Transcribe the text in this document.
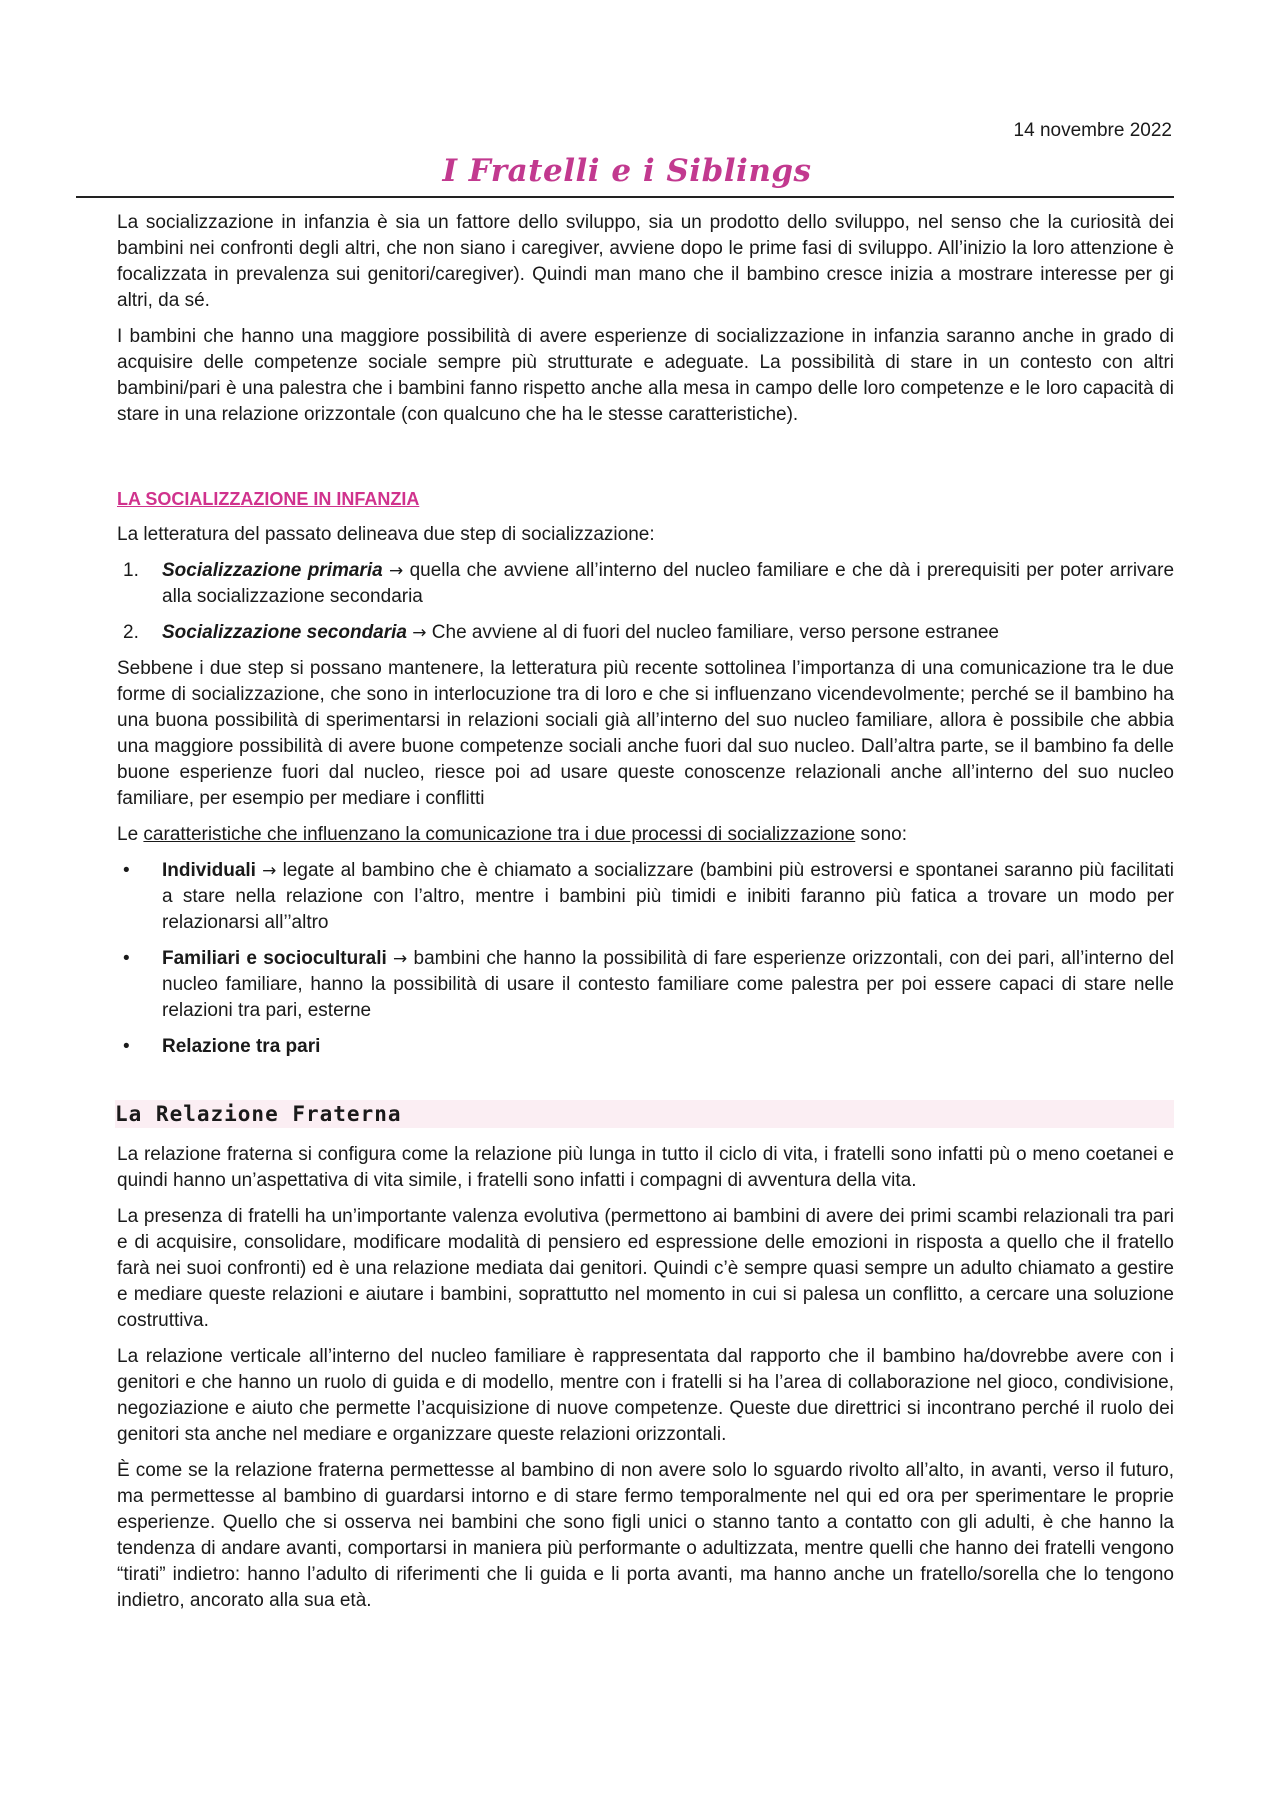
14 novembre 2022
I Fratelli e i Siblings

La socializzazione in infanzia è sia un fattore dello sviluppo, sia un prodotto dello sviluppo, nel senso che la curiosità dei bambini nei confronti degli altri, che non siano i caregiver, avviene dopo le prime fasi di sviluppo. All’inizio la loro attenzione è focalizzata in prevalenza sui genitori/caregiver). Quindi man mano che il bambino cresce inizia a mostrare interesse per gi altri, da sé.

I bambini che hanno una maggiore possibilità di avere esperienze di socializzazione in infanzia saranno anche in grado di acquisire delle competenze sociale sempre più strutturate e adeguate. La possibilità di stare in un contesto con altri bambini/pari è una palestra che i bambini fanno rispetto anche alla mesa in campo delle loro competenze e le loro capacità di stare in una relazione orizzontale (con qualcuno che ha le stesse caratteristiche).

LA SOCIALIZZAZIONE IN INFANZIA

La letteratura del passato delineava due step di socializzazione:

1. Socializzazione primaria → quella che avviene all’interno del nucleo familiare e che dà i prerequisiti per poter arrivare alla socializzazione secondaria
2. Socializzazione secondaria → Che avviene al di fuori del nucleo familiare, verso persone estranee

Sebbene i due step si possano mantenere, la letteratura più recente sottolinea l’importanza di una comunicazione tra le due forme di socializzazione, che sono in interlocuzione tra di loro e che si influenzano vicendevolmente; perché se il bambino ha una buona possibilità di sperimentarsi in relazioni sociali già all’interno del suo nucleo familiare, allora è possibile che abbia una maggiore possibilità di avere buone competenze sociali anche fuori dal suo nucleo. Dall’altra parte, se il bambino fa delle buone esperienze fuori dal nucleo, riesce poi ad usare queste conoscenze relazionali anche all’interno del suo nucleo familiare, per esempio per mediare i conflitti

Le caratteristiche che influenzano la comunicazione tra i due processi di socializzazione sono:

• Individuali → legate al bambino che è chiamato a socializzare (bambini più estroversi e spontanei saranno più facilitati a stare nella relazione con l’altro, mentre i bambini più timidi e inibiti faranno più fatica a trovare un modo per relazionarsi all’’altro
• Familiari e socioculturali → bambini che hanno la possibilità di fare esperienze orizzontali, con dei pari, all’interno del nucleo familiare, hanno la possibilità di usare il contesto familiare come palestra per poi essere capaci di stare nelle relazioni tra pari, esterne
• Relazione tra pari
La Relazione Fraterna

La relazione fraterna si configura come la relazione più lunga in tutto il ciclo di vita, i fratelli sono infatti pù o meno coetanei e quindi hanno un’aspettativa di vita simile, i fratelli sono infatti i compagni di avventura della vita.

La presenza di fratelli ha un’importante valenza evolutiva (permettono ai bambini di avere dei primi scambi relazionali tra pari e di acquisire, consolidare, modificare modalità di pensiero ed espressione delle emozioni in risposta a quello che il fratello farà nei suoi confronti) ed è una relazione mediata dai genitori. Quindi c’è sempre quasi sempre un adulto chiamato a gestire e mediare queste relazioni e aiutare i bambini, soprattutto nel momento in cui si palesa un conflitto, a cercare una soluzione costruttiva.

La relazione verticale all’interno del nucleo familiare è rappresentata dal rapporto che il bambino ha/dovrebbe avere con i genitori e che hanno un ruolo di guida e di modello, mentre con i fratelli si ha l’area di collaborazione nel gioco, condivisione, negoziazione e aiuto che permette l’acquisizione di nuove competenze. Queste due direttrici si incontrano perché il ruolo dei genitori sta anche nel mediare e organizzare queste relazioni orizzontali.

È come se la relazione fraterna permettesse al bambino di non avere solo lo sguardo rivolto all’alto, in avanti, verso il futuro, ma permettesse al bambino di guardarsi intorno e di stare fermo temporalmente nel qui ed ora per sperimentare le proprie esperienze. Quello che si osserva nei bambini che sono figli unici o stanno tanto a contatto con gli adulti, è che hanno la tendenza di andare avanti, comportarsi in maniera più performante o adultizzata, mentre quelli che hanno dei fratelli vengono “tirati” indietro: hanno l’adulto di riferimenti che li guida e li porta avanti, ma hanno anche un fratello/sorella che lo tengono indietro, ancorato alla sua età.
